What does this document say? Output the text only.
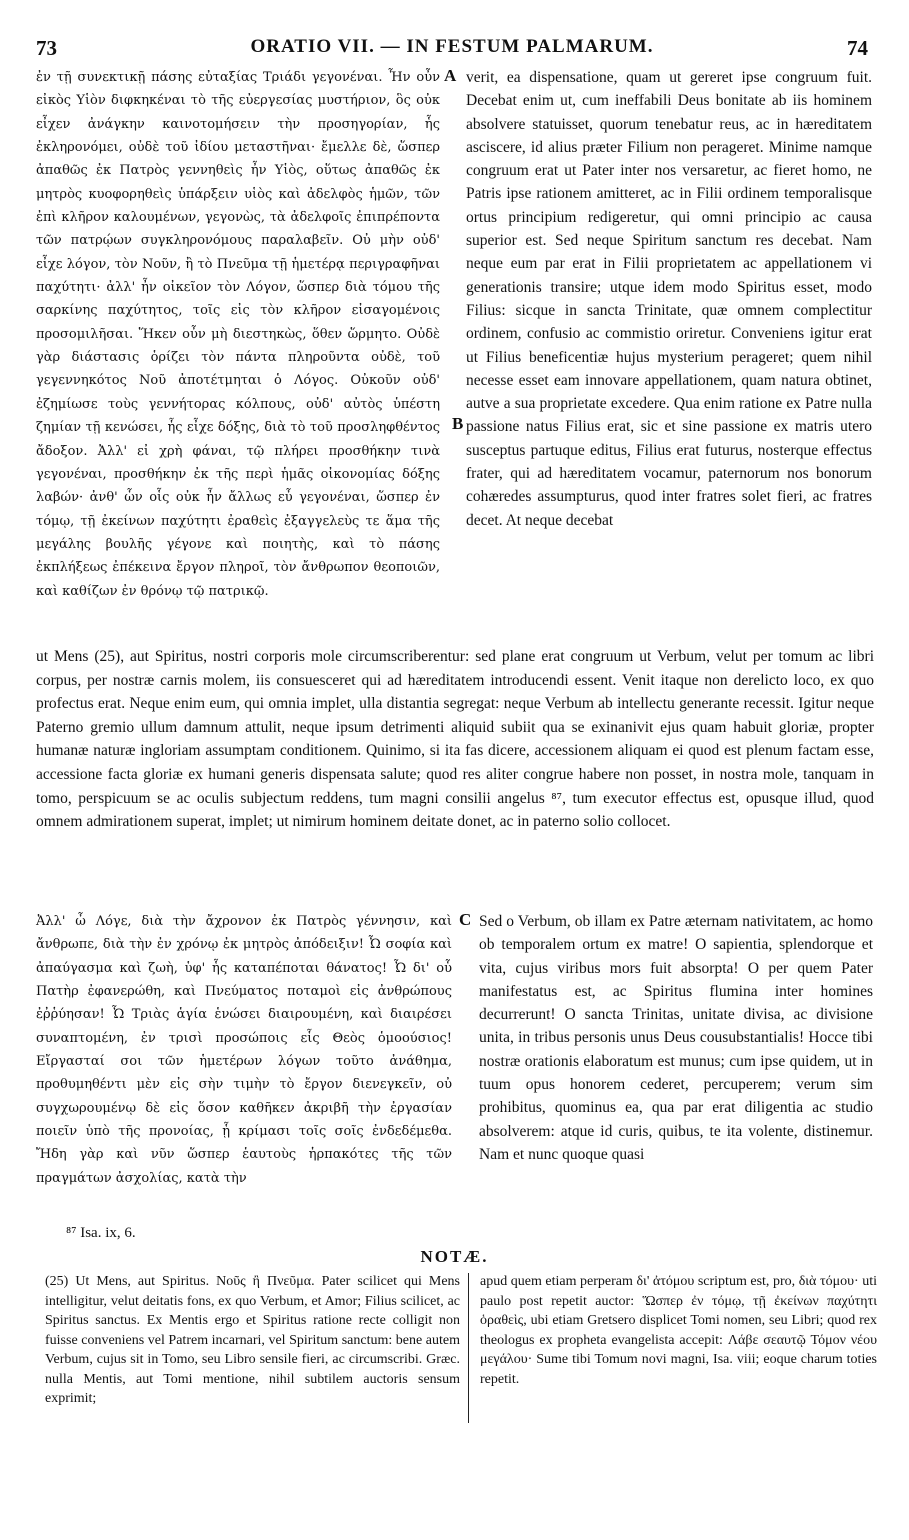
73	ORATIO VII. — IN FESTUM PALMARUM.	74
ἐν τῇ συνεκτικῇ πάσης εὐταξίας Τριάδι γεγονέναι. Ἦν οὖν εἰκὸς Υἱὸν διφκηκέναι τὸ τῆς εὐεργεσίας μυστήριον, ὃς οὐκ εἶχεν ἀνάγκην καινοτομήσειν τὴν προσηγορίαν, ἧς ἐκληρονόμει, οὐδὲ τοῦ ἰδίου μεταστῆναι· ἔμελλε δὲ, ὥσπερ ἀπαθῶς ἐκ Πατρὸς γεννηθεὶς ἦν Υἱὸς, οὕτως ἀπαθῶς ἐκ μητρὸς κυοφορηθεὶς ὑπάρξειν υἱὸς καὶ ἀδελφὸς ἡμῶν, τῶν ἐπὶ κλῆρον καλουμένων, γεγονὼς, τὰ ἀδελφοῖς ἐπιπρέποντα τῶν πατρῴων συγκληρονόμους παραλαβεῖν. Οὐ μὴν οὐδ' εἶχε λόγον, τὸν Νοῦν, ἢ τὸ Πνεῦμα τῇ ἡμετέρᾳ περιγραφῆναι παχύτητι· ἀλλ' ἦν οἰκεῖον τὸν Λόγον, ὥσπερ διὰ τόμου τῆς σαρκίνης παχύτητος, τοῖς εἰς τὸν κλῆρον εἰσαγομένοις προσομιλῆσαι. Ἥκεν οὖν μὴ διεστηκὼς, ὅθεν ὥρμητο. Οὐδὲ γὰρ διάστασις ὁρίζει τὸν πάντα πληροῦντα οὐδὲ, τοῦ γεγεννηκότος Νοῦ ἀποτέτμηται ὁ Λόγος. Οὐκοῦν οὐδ' ἐζημίωσε τοὺς γεννήτορας κόλπους, οὐδ' αὐτὸς ὑπέστη ζημίαν τῇ κενώσει, ἧς εἶχε δόξης, διὰ τὸ τοῦ προσληφθέντος ἄδοξον. Ἀλλ' εἰ χρὴ φάναι, τῷ πλήρει προσθήκην τινὰ γεγονέναι, προσθήκην ἐκ τῆς περὶ ἡμᾶς οἰκονομίας δόξης λαβών· ἀνθ' ὧν οἷς οὐκ ἦν ἄλλως εὖ γεγονέναι, ὥσπερ ἐν τόμῳ, τῇ ἐκείνων παχύτητι ἐραθεὶς ἐξαγγελεὺς τε ἅμα τῆς μεγάλης βουλῆς γέγονε καὶ ποιητὴς, καὶ τὸ πάσης ἐκπλήξεως ἐπέκεινα ἔργον πληροῖ, τὸν ἄνθρωπον θεοποιῶν, καὶ καθίζων ἐν θρόνῳ τῷ πατρικῷ.
A
B
verit, ea dispensatione, quam ut gereret ipse congruum fuit. Decebat enim ut, cum ineffabili Deus bonitate ab iis hominem absolvere statuisset, quorum tenebatur reus, ac in hæreditatem asciscere, id alius præter Filium non perageret. Minime namque congruum erat ut Pater inter nos versaretur, ac fieret homo, ne Patris ipse rationem amitteret, ac in Filii ordinem temporalisque ortus principium redigeretur, qui omni principio ac causa superior est. Sed neque Spiritum sanctum res decebat. Nam neque eum par erat in Filii proprietatem ac appellationem vi generationis transire; utque idem modo Spiritus esset, modo Filius: sicque in sancta Trinitate, quæ omnem complectitur ordinem, confusio ac commistio oriretur. Conveniens igitur erat ut Filius beneficentiæ hujus mysterium perageret; quem nihil necesse esset eam innovare appellationem, quam natura obtinet, autve a sua proprietate excedere. Qua enim ratione ex Patre nulla passione natus Filius erat, sic et sine passione ex matris utero susceptus partuque editus, Filius erat futurus, nosterque effectus frater, qui ad hæreditatem vocamur, paternorum nos bonorum cohæredes assumpturus, quod inter fratres solet fieri, ac fratres decet. At neque decebat
ut Mens (25), aut Spiritus, nostri corporis mole circumscriberentur: sed plane erat congruum ut Verbum, velut per tomum ac libri corpus, per nostræ carnis molem, iis consuesceret qui ad hæreditatem introducendi essent. Venit itaque non derelicto loco, ex quo profectus erat. Neque enim eum, qui omnia implet, ulla distantia segregat: neque Verbum ab intellectu generante recessit. Igitur neque Paterno gremio ullum damnum attulit, neque ipsum detrimenti aliquid subiit qua se exinanivit ejus quam habuit gloriæ, propter humanæ naturæ ingloriam assumptam conditionem. Quinimo, si ita fas dicere, accessionem aliquam ei quod est plenum factam esse, accessione facta gloriæ ex humani generis dispensata salute; quod res aliter congrue habere non posset, in nostra mole, tanquam in tomo, perspicuum se ac oculis subjectum reddens, tum magni consilii angelus ⁸⁷, tum executor effectus est, opusque illud, quod omnem admirationem superat, implet; ut nimirum hominem deitate donet, ac in paterno solio collocet.
Ἀλλ' ὦ Λόγε, διὰ τὴν ἄχρονον ἐκ Πατρὸς γέννησιν, καὶ ἄνθρωπε, διὰ τὴν ἐν χρόνῳ ἐκ μητρὸς ἀπόδειξιν! Ὦ σοφία καὶ ἀπαύγασμα καὶ ζωὴ, ὑφ' ἧς καταπέποται θάνατος! Ὦ δι' οὗ Πατὴρ ἐφανερώθη, καὶ Πνεύματος ποταμοὶ εἰς ἀνθρώπους ἐῤῥύησαν! Ὦ Τριὰς ἁγία ἑνώσει διαιρουμένη, καὶ διαιρέσει συναπτομένη, ἐν τρισὶ προσώποις εἷς Θεὸς ὁμοούσιος! Εἴργασταί σοι τῶν ἡμετέρων λόγων τοῦτο ἀνάθημα, προθυμηθέντι μὲν εἰς σὴν τιμὴν τὸ ἔργον διενεγκεῖν, οὐ συγχωρουμένῳ δὲ εἰς ὅσον καθῆκεν ἀκριβῆ τὴν ἐργασίαν ποιεῖν ὑπὸ τῆς προνοίας, ᾗ κρίμασι τοῖς σοῖς ἐνδεδέμεθα. Ἤδη γὰρ καὶ νῦν ὥσπερ ἑαυτοὺς ἡρπακότες τῆς τῶν πραγμάτων ἀσχολίας, κατὰ τὴν
C Sed o Verbum, ob illam ex Patre æternam nativitatem, ac homo ob temporalem ortum ex matre! O sapientia, splendorque et vita, cujus viribus mors fuit absorpta! O per quem Pater manifestatus est, ac Spiritus flumina inter homines decurrerunt! O sancta Trinitas, unitate divisa, ac divisione unita, in tribus personis unus Deus cousubstantialis! Hocce tibi nostræ orationis elaboratum est munus; cum ipse quidem, ut in tuum opus honorem cederet, percuperem; verum sim prohibitus, quominus ea, qua par erat diligentia ac studio absolverem: atque id curis, quibus, te ita volente, distinemur. Nam et nunc quoque quasi
⁸⁷ Isa. ix, 6.
NOTÆ.
(25) Ut Mens, aut Spiritus. Νοῦς ἢ Πνεῦμα. Pater scilicet qui Mens intelligitur, velut deitatis fons, ex quo Verbum, et Amor; Filius scilicet, ac Spiritus sanctus. Ex Mentis ergo et Spiritus ratione recte colligit non fuisse conveniens vel Patrem incarnari, vel Spiritum sanctum: bene autem Verbum, cujus sit in Tomo, seu Libro sensile fieri, ac circumscribi. Græc. nulla Mentis, aut Tomi mentione, nihil subtilem auctoris sensum exprimit;
apud quem etiam perperam δι' ἀτόμου scriptum est, pro, διὰ τόμου· uti paulo post repetit auctor: Ὥσπερ ἐν τόμῳ, τῇ ἐκείνων παχύτητι ὁραθεὶς, ubi etiam Gretsero displicet Tomi nomen, seu Libri; quod rex theologus ex propheta evangelista accepit: Λάβε σεαυτῷ Τόμον νέου μεγάλου· Sume tibi Tomum novi magni, Isa. viii; eoque charum toties repetit.
